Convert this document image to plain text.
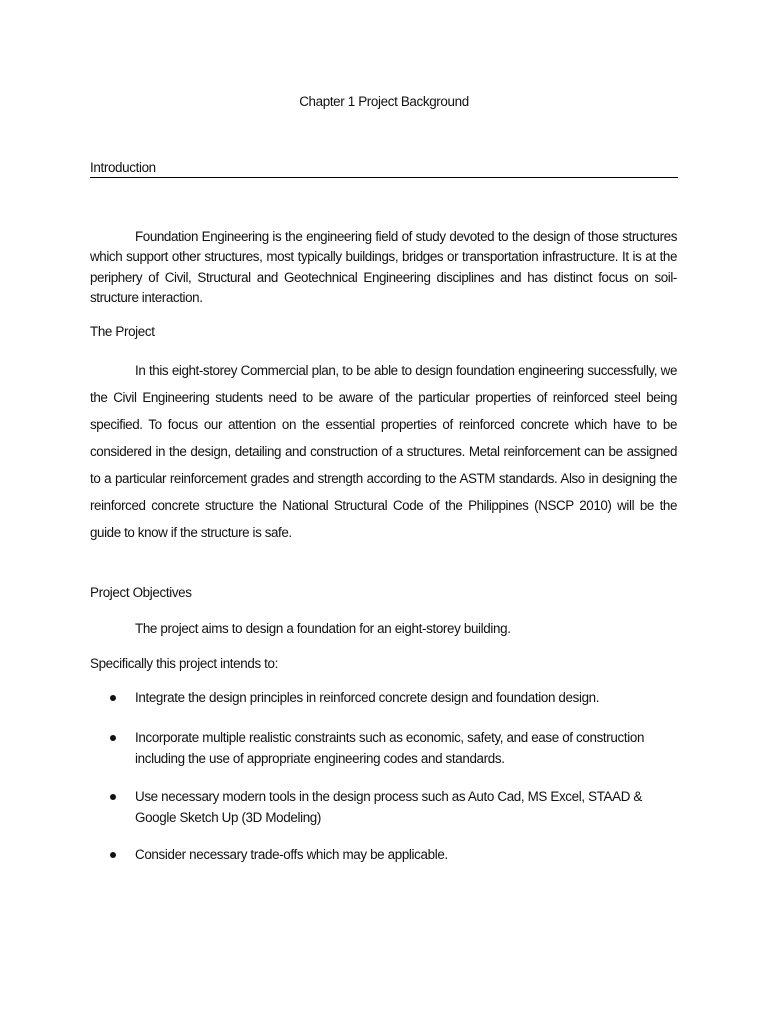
Chapter 1 Project Background
Introduction

Foundation Engineering is the engineering field of study devoted to the design of those structures which support other structures, most typically buildings, bridges or transportation infrastructure. It is at the periphery of Civil, Structural and Geotechnical Engineering disciplines and has distinct focus on soil-structure interaction.

The Project

In this eight-storey Commercial plan, to be able to design foundation engineering successfully, we the Civil Engineering students need to be aware of the particular properties of reinforced steel being specified. To focus our attention on the essential properties of reinforced concrete which have to be considered in the design, detailing and construction of a structures. Metal reinforcement can be assigned to a particular reinforcement grades and strength according to the ASTM standards. Also in designing the reinforced concrete structure the National Structural Code of the Philippines (NSCP 2010) will be the guide to know if the structure is safe.

Project Objectives

The project aims to design a foundation for an eight-storey building.

Specifically this project intends to:

Integrate the design principles in reinforced concrete design and foundation design.

Incorporate multiple realistic constraints such as economic, safety, and ease of construction including the use of appropriate engineering codes and standards.

Use necessary modern tools in the design process such as Auto Cad, MS Excel, STAAD & Google Sketch Up (3D Modeling)

Consider necessary trade-offs which may be applicable.
